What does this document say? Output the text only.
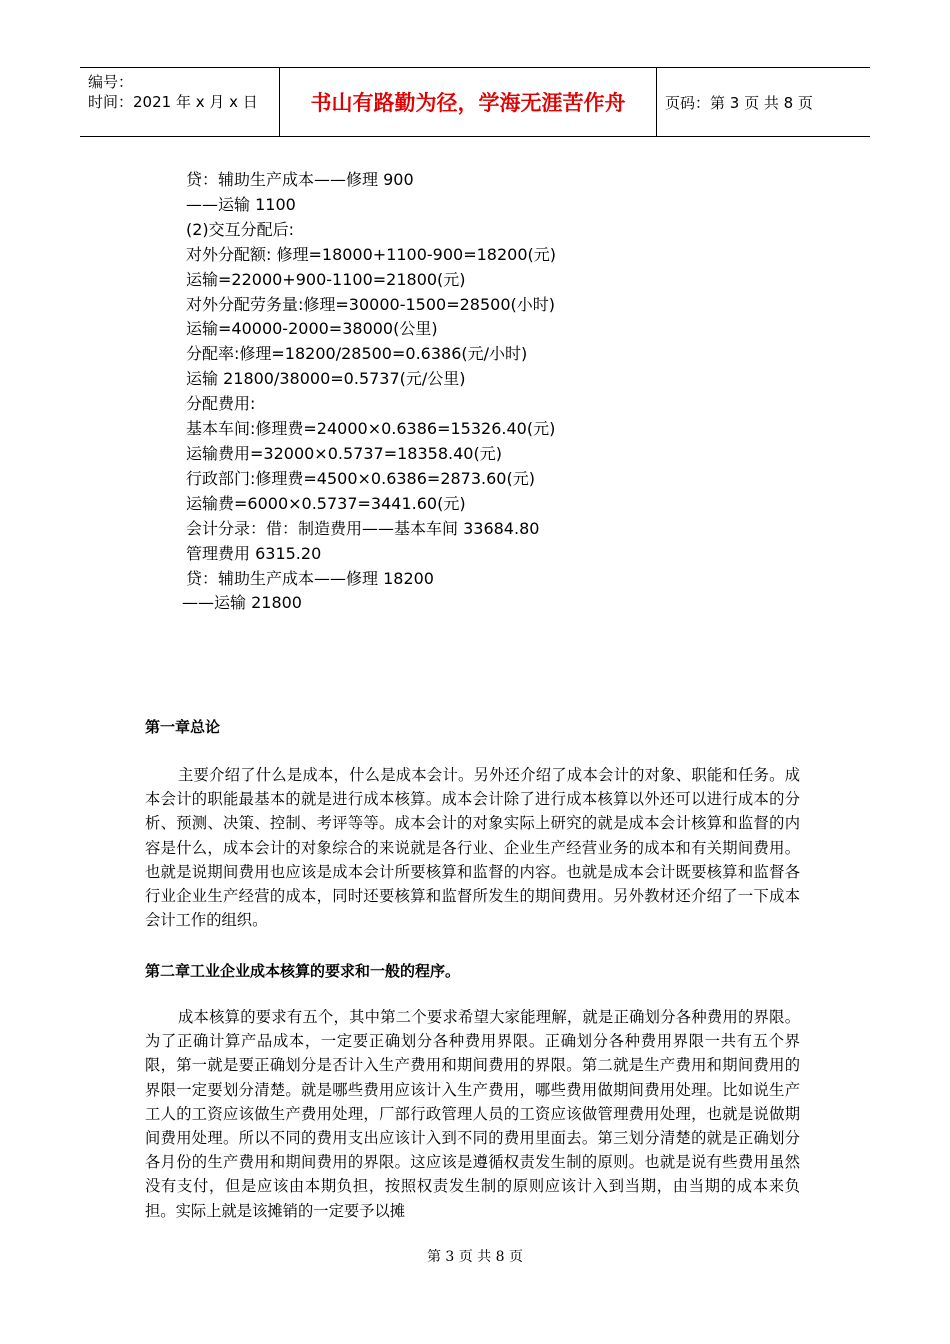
编号：
时间：2021 年 x 月 x 日	书山有路勤为径，学海无涯苦作舟	页码：第 3 页 共 8 页
贷：辅助生产成本——修理 900
——运输 1100
(2)交互分配后:
对外分配额: 修理=18000+1100-900=18200(元)
运输=22000+900-1100=21800(元)
对外分配劳务量:修理=30000-1500=28500(小时)
运输=40000-2000=38000(公里)
分配率:修理=18200/28500=0.6386(元/小时)
运输 21800/38000=0.5737(元/公里)
分配费用:
基本车间:修理费=24000×0.6386=15326.40(元)
运输费用=32000×0.5737=18358.40(元)
行政部门:修理费=4500×0.6386=2873.60(元)
运输费=6000×0.5737=3441.60(元)
会计分录：借：制造费用——基本车间 33684.80
管理费用 6315.20
贷：辅助生产成本——修理 18200
——运输 21800
第一章总论

主要介绍了什么是成本，什么是成本会计。另外还介绍了成本会计的对象、职能和任务。成本会计的职能最基本的就是进行成本核算。成本会计除了进行成本核算以外还可以进行成本的分析、预测、决策、控制、考评等等。成本会计的对象实际上研究的就是成本会计核算和监督的内容是什么，成本会计的对象综合的来说就是各行业、企业生产经营业务的成本和有关期间费用。也就是说期间费用也应该是成本会计所要核算和监督的内容。也就是成本会计既要核算和监督各行业企业生产经营的成本，同时还要核算和监督所发生的期间费用。另外教材还介绍了一下成本会计工作的组织。

第二章工业企业成本核算的要求和一般的程序。

成本核算的要求有五个，其中第二个要求希望大家能理解，就是正确划分各种费用的界限。为了正确计算产品成本，一定要正确划分各种费用界限。正确划分各种费用界限一共有五个界限，第一就是要正确划分是否计入生产费用和期间费用的界限。第二就是生产费用和期间费用的界限一定要划分清楚。就是哪些费用应该计入生产费用，哪些费用做期间费用处理。比如说生产工人的工资应该做生产费用处理，厂部行政管理人员的工资应该做管理费用处理，也就是说做期间费用处理。所以不同的费用支出应该计入到不同的费用里面去。第三划分清楚的就是正确划分各月份的生产费用和期间费用的界限。这应该是遵循权责发生制的原则。也就是说有些费用虽然没有支付，但是应该由本期负担，按照权责发生制的原则应该计入到当期，由当期的成本来负担。实际上就是该摊销的一定要予以摊

第 3 页 共 8 页
